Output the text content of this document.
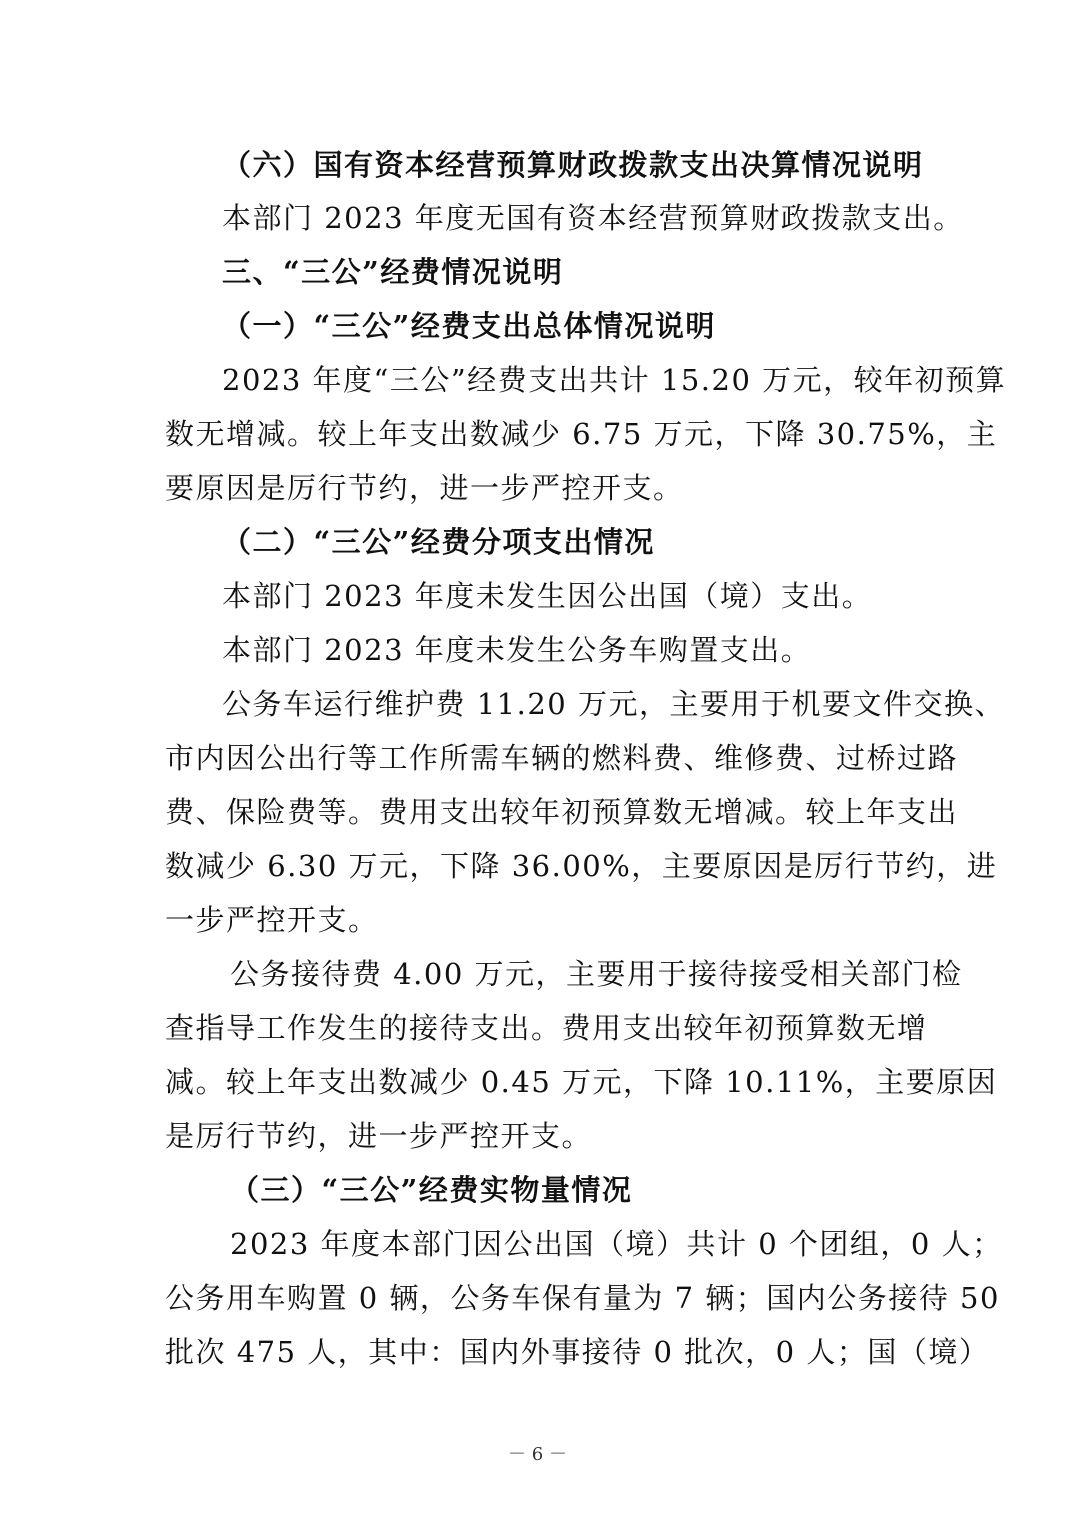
（六）国有资本经营预算财政拨款支出决算情况说明
本部门 2023 年度无国有资本经营预算财政拨款支出。
三、“三公”经费情况说明
（一）“三公”经费支出总体情况说明
2023 年度“三公”经费支出共计 15.20 万元，较年初预算
数无增减。较上年支出数减少 6.75 万元，下降 30.75%，主
要原因是厉行节约，进一步严控开支。
（二）“三公”经费分项支出情况
本部门 2023 年度未发生因公出国（境）支出。
本部门 2023 年度未发生公务车购置支出。
公务车运行维护费 11.20 万元，主要用于机要文件交换、
市内因公出行等工作所需车辆的燃料费、维修费、过桥过路
费、保险费等。费用支出较年初预算数无增减。较上年支出
数减少 6.30 万元，下降 36.00%，主要原因是厉行节约，进
一步严控开支。
公务接待费 4.00 万元，主要用于接待接受相关部门检
查指导工作发生的接待支出。费用支出较年初预算数无增
减。较上年支出数减少 0.45 万元，下降 10.11%，主要原因
是厉行节约，进一步严控开支。
（三）“三公”经费实物量情况
2023 年度本部门因公出国（境）共计 0 个团组，0 人；
公务用车购置 0 辆，公务车保有量为 7 辆；国内公务接待 50
批次 475 人，其中：国内外事接待 0 批次，0 人；国（境）
－ 6 －
